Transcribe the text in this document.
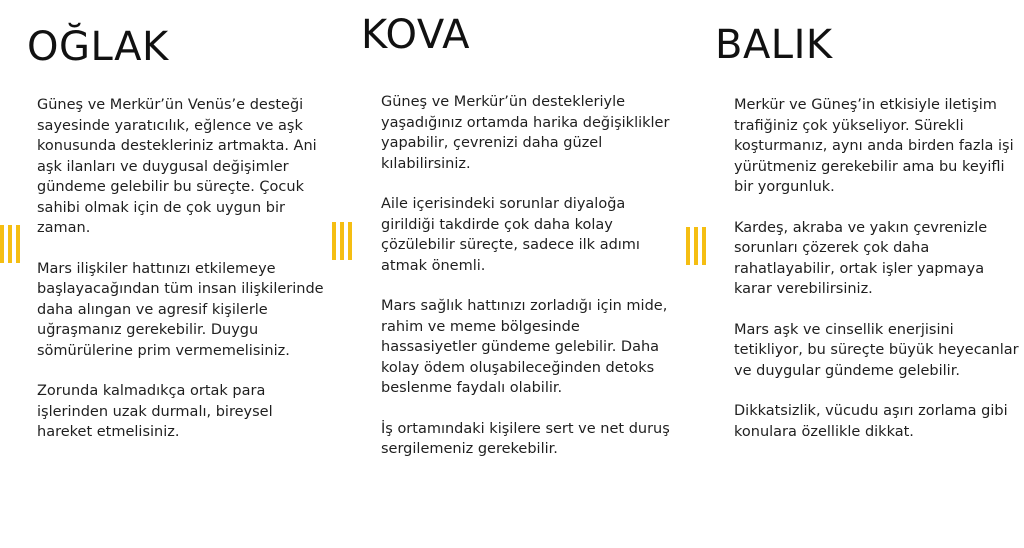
OĞLAK

Güneş ve Merkür’ün Venüs’e desteği sayesinde yaratıcılık, eğlence ve aşk konusunda destekleriniz artmakta. Ani aşk ilanları ve duygusal değişimler gündeme gelebilir bu süreçte. Çocuk sahibi olmak için de çok uygun bir zaman.

Mars ilişkiler hattınızı etkilemeye başlayacağından tüm insan ilişkilerinde daha alıngan ve agresif kişilerle uğraşmanız gerekebilir. Duygu sömürülerine prim vermemelisiniz.

Zorunda kalmadıkça ortak para işlerinden uzak durmalı, bireysel hareket etmelisiniz.

KOVA

Güneş ve Merkür’ün destekleriyle yaşadığınız ortamda harika değişiklikler yapabilir, çevrenizi daha güzel kılabilirsiniz.

Aile içerisindeki sorunlar diyaloğa girildiği takdirde çok daha kolay çözülebilir süreçte, sadece ilk adımı atmak önemli.

Mars sağlık hattınızı zorladığı için mide, rahim ve meme bölgesinde hassasiyetler gündeme gelebilir. Daha kolay ödem oluşabileceğinden detoks beslenme faydalı olabilir.

İş ortamındaki kişilere sert ve net duruş sergilemeniz gerekebilir.

BALIK

Merkür ve Güneş’in etkisiyle iletişim trafiğiniz çok yükseliyor. Sürekli koşturmanız, aynı anda birden fazla işi yürütmeniz gerekebilir ama bu keyifli bir yorgunluk.

Kardeş, akraba ve yakın çevrenizle sorunları çözerek çok daha rahatlayabilir, ortak işler yapmaya karar verebilirsiniz.

Mars aşk ve cinsellik enerjisini tetikliyor, bu süreçte büyük heyecanlar ve duygular gündeme gelebilir.

Dikkatsizlik, vücudu aşırı zorlama gibi konulara özellikle dikkat.
